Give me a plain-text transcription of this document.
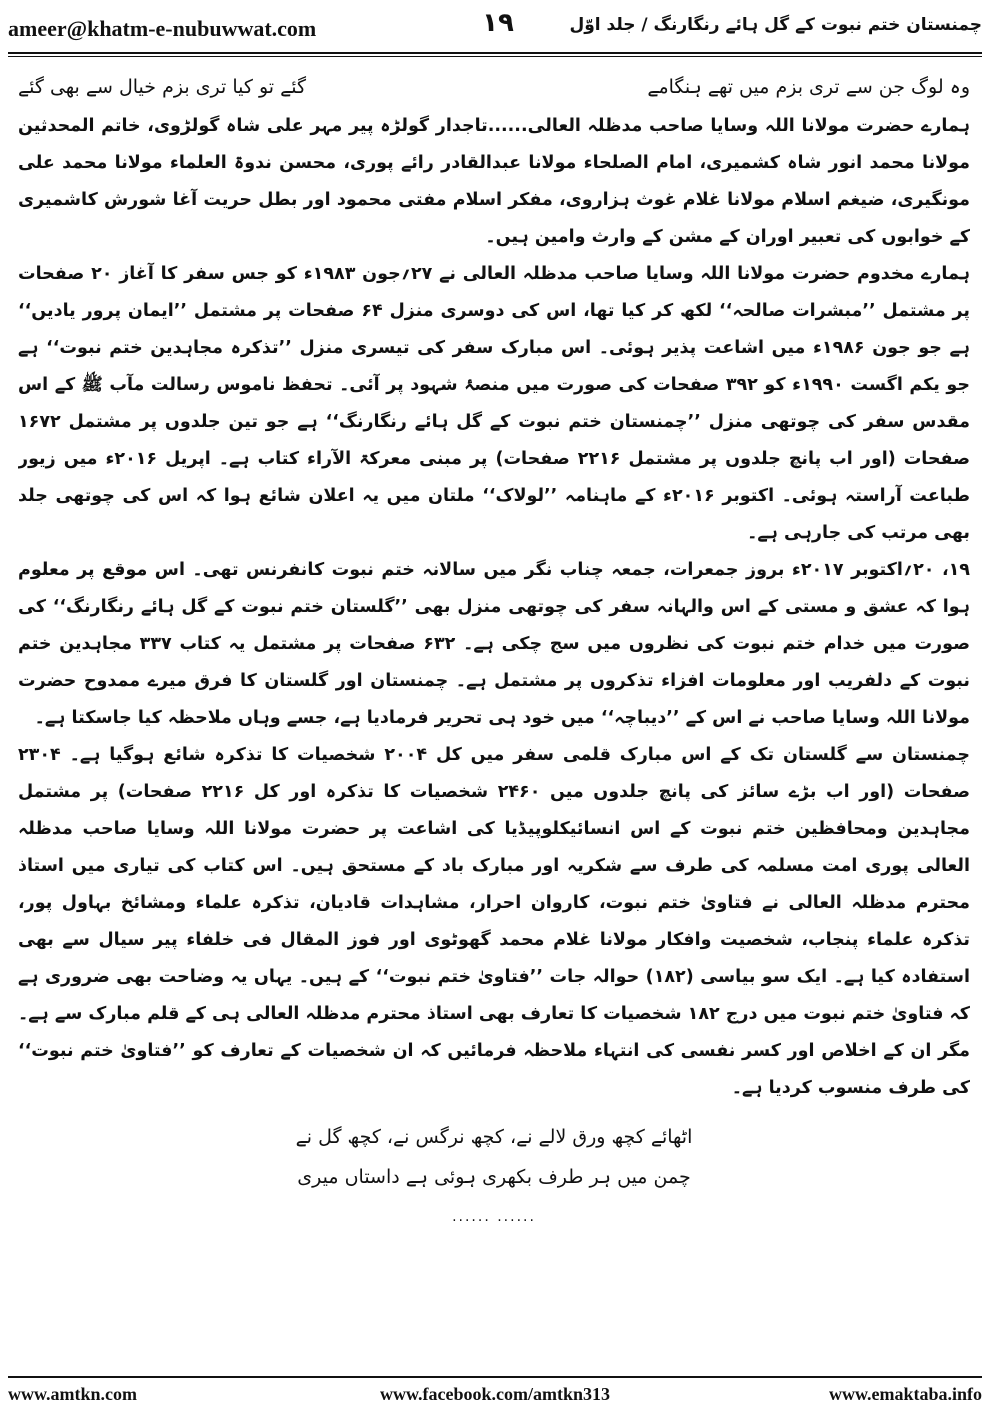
ameer@khatm-e-nubuwwat.com	۱۹	چمنستان ختم نبوت کے گل ہائے رنگارنگ / جلد اوّل
وہ لوگ جن سے تری بزم میں تھے ہنگامے
گئے تو کیا تری بزم خیال سے بھی گئے

ہمارے حضرت مولانا اللہ وسایا صاحب مدظلہ العالی......تاجدار گولڑہ پیر مہر علی شاہ گولڑوی، خاتم المحدثین مولانا محمد انور شاہ کشمیری، امام الصلحاء مولانا عبدالقادر رائے پوری، محسن ندوۃ العلماء مولانا محمد علی مونگیری، ضیغم اسلام مولانا غلام غوث ہزاروی، مفکر اسلام مفتی محمود اور بطل حریت آغا شورش کاشمیری کے خوابوں کی تعبیر اوران کے مشن کے وارث وامین ہیں۔

ہمارے مخدوم حضرت مولانا اللہ وسایا صاحب مدظلہ العالی نے ۲۷؍جون ۱۹۸۳ء کو جس سفر کا آغاز ۲۰ صفحات پر مشتمل ’’مبشرات صالحہ‘‘ لکھ کر کیا تھا، اس کی دوسری منزل ۶۴ صفحات پر مشتمل ’’ایمان پرور یادیں‘‘ ہے جو جون ۱۹۸۶ء میں اشاعت پذیر ہوئی۔ اس مبارک سفر کی تیسری منزل ’’تذکرہ مجاہدین ختم نبوت‘‘ ہے جو یکم اگست ۱۹۹۰ء کو ۳۹۲ صفحات کی صورت میں منصۂ شہود پر آئی۔ تحفظ ناموس رسالت مآب ﷺ کے اس مقدس سفر کی چوتھی منزل ’’چمنستان ختم نبوت کے گل ہائے رنگارنگ‘‘ ہے جو تین جلدوں پر مشتمل ۱۶۷۲ صفحات (اور اب پانچ جلدوں پر مشتمل ۲۲۱۶ صفحات) پر مبنی معرکۃ الآراء کتاب ہے۔ اپریل ۲۰۱۶ء میں زیور طباعت آراستہ ہوئی۔ اکتوبر ۲۰۱۶ء کے ماہنامہ ’’لولاک‘‘ ملتان میں یہ اعلان شائع ہوا کہ اس کی چوتھی جلد بھی مرتب کی جارہی ہے۔

۱۹، ۲۰؍اکتوبر ۲۰۱۷ء بروز جمعرات، جمعہ چناب نگر میں سالانہ ختم نبوت کانفرنس تھی۔ اس موقع پر معلوم ہوا کہ عشق و مستی کے اس والہانہ سفر کی چوتھی منزل بھی ’’گلستان ختم نبوت کے گل ہائے رنگارنگ‘‘ کی صورت میں خدام ختم نبوت کی نظروں میں سج چکی ہے۔ ۶۳۲ صفحات پر مشتمل یہ کتاب ۳۳۷ مجاہدین ختم نبوت کے دلفریب اور معلومات افزاء تذکروں پر مشتمل ہے۔ چمنستان اور گلستان کا فرق میرے ممدوح حضرت مولانا اللہ وسایا صاحب نے اس کے ’’دیباچہ‘‘ میں خود ہی تحریر فرمادیا ہے، جسے وہاں ملاحظہ کیا جاسکتا ہے۔

چمنستان سے گلستان تک کے اس مبارک قلمی سفر میں کل ۲۰۰۴ شخصیات کا تذکرہ شائع ہوگیا ہے۔ ۲۳۰۴ صفحات (اور اب بڑے سائز کی پانچ جلدوں میں ۲۴۶۰ شخصیات کا تذکرہ اور کل ۲۲۱۶ صفحات) پر مشتمل مجاہدین ومحافظین ختم نبوت کے اس انسائیکلوپیڈیا کی اشاعت پر حضرت مولانا اللہ وسایا صاحب مدظلہ العالی پوری امت مسلمہ کی طرف سے شکریہ اور مبارک باد کے مستحق ہیں۔ اس کتاب کی تیاری میں استاذ محترم مدظلہ العالی نے فتاویٰ ختم نبوت، کاروان احرار، مشاہدات قادیان، تذکرہ علماء ومشائخ بہاول پور، تذکرہ علماء پنجاب، شخصیت وافکار مولانا غلام محمد گھوٹوی اور فوز المقال فی خلفاء پیر سیال سے بھی استفادہ کیا ہے۔ ایک سو بیاسی (۱۸۲) حوالہ جات ’’فتاویٰ ختم نبوت‘‘ کے ہیں۔ یہاں یہ وضاحت بھی ضروری ہے کہ فتاویٰ ختم نبوت میں درج ۱۸۲ شخصیات کا تعارف بھی استاذ محترم مدظلہ العالی ہی کے قلم مبارک سے ہے۔ مگر ان کے اخلاص اور کسر نفسی کی انتہاء ملاحظہ فرمائیں کہ ان شخصیات کے تعارف کو ’’فتاویٰ ختم نبوت‘‘ کی طرف منسوب کردیا ہے۔

اٹھائے کچھ ورق لالے نے، کچھ نرگس نے، کچھ گل نے
چمن میں ہر طرف بکھری ہوئی ہے داستاں میری
...... ......
www.amtkn.com	www.facebook.com/amtkn313	www.emaktaba.info
